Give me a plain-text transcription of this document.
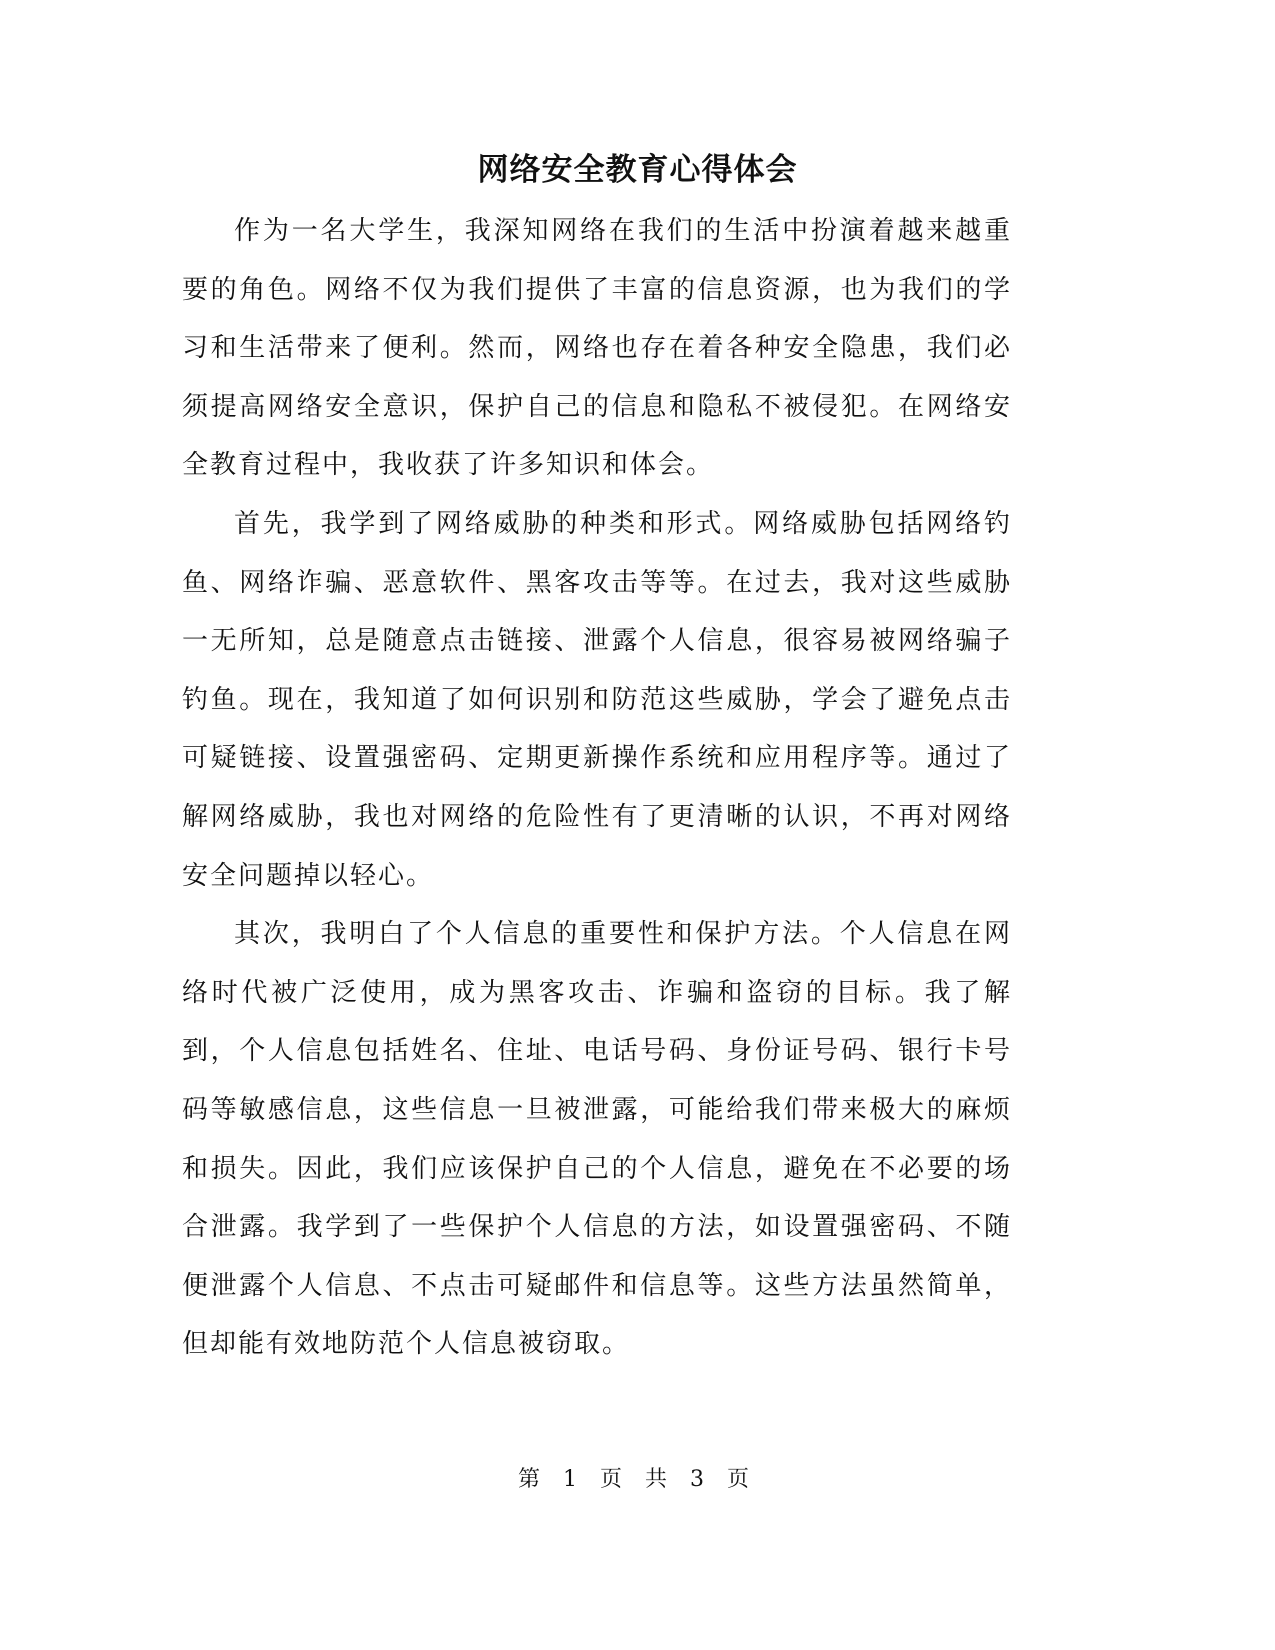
网络安全教育心得体会

作为一名大学生，我深知网络在我们的生活中扮演着越来越重要的角色。网络不仅为我们提供了丰富的信息资源，也为我们的学习和生活带来了便利。然而，网络也存在着各种安全隐患，我们必须提高网络安全意识，保护自己的信息和隐私不被侵犯。在网络安全教育过程中，我收获了许多知识和体会。

首先，我学到了网络威胁的种类和形式。网络威胁包括网络钓鱼、网络诈骗、恶意软件、黑客攻击等等。在过去，我对这些威胁一无所知，总是随意点击链接、泄露个人信息，很容易被网络骗子钓鱼。现在，我知道了如何识别和防范这些威胁，学会了避免点击可疑链接、设置强密码、定期更新操作系统和应用程序等。通过了解网络威胁，我也对网络的危险性有了更清晰的认识，不再对网络安全问题掉以轻心。

其次，我明白了个人信息的重要性和保护方法。个人信息在网络时代被广泛使用，成为黑客攻击、诈骗和盗窃的目标。我了解到，个人信息包括姓名、住址、电话号码、身份证号码、银行卡号码等敏感信息，这些信息一旦被泄露，可能给我们带来极大的麻烦和损失。因此，我们应该保护自己的个人信息，避免在不必要的场合泄露。我学到了一些保护个人信息的方法，如设置强密码、不随便泄露个人信息、不点击可疑邮件和信息等。这些方法虽然简单，但却能有效地防范个人信息被窃取。

第 1 页 共 3 页
